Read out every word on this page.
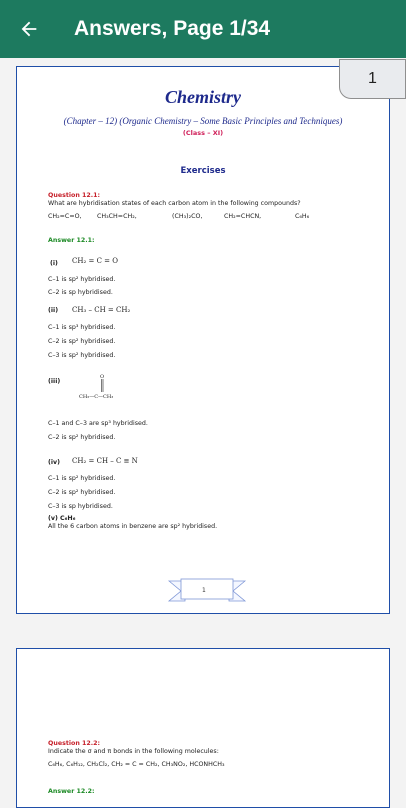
Answers, Page 1/34
Chemistry
(Chapter – 12) (Organic Chemistry – Some Basic Principles and Techniques)
(Class – XI)
Exercises
Question 12.1:
What are hybridisation states of each carbon atom in the following compounds?
CH₂=C=O, CH₃CH=CH₂,	(CH₃)₂CO,	CH₂=CHCN,	C₆H₆
Answer 12.1:
(i) CH₂ = C = O
C–1 is sp² hybridised.
C–2 is sp hybridised.
(ii) CH₃ – CH = CH₂
C–1 is sp³ hybridised.
C–2 is sp² hybridised.
C–3 is sp² hybridised.
(iii)
CH₃—C—CH₃
O
C–1 and C–3 are sp³ hybridised.
C–2 is sp² hybridised.
(iv) CH₂ = CH – C ≡ N
C–1 is sp² hybridised.
C–2 is sp² hybridised.
C–3 is sp hybridised.
(v) C₆H₆
All the 6 carbon atoms in benzene are sp² hybridised.
1
1
Question 12.2:
Indicate the σ and π bonds in the following molecules:
C₆H₆, C₆H₁₂, CH₂Cl₂, CH₂ = C = CH₂, CH₃NO₂, HCONHCH₃
Answer 12.2:
